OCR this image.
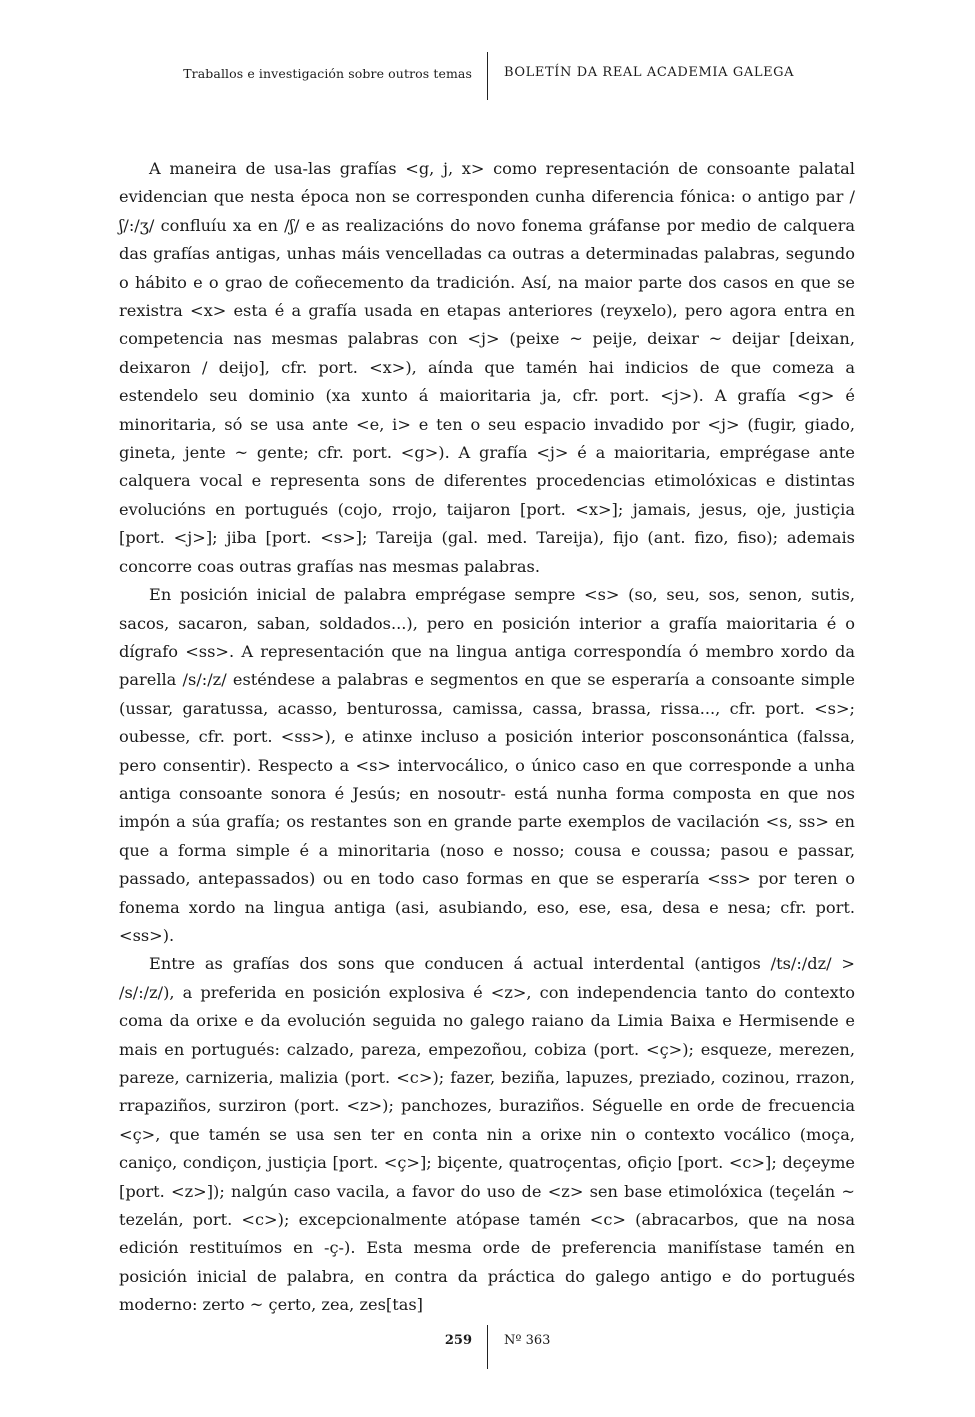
Traballos e investigación sobre outros temas BOLETÍN DA REAL ACADEMIA GALEGA

A maneira de usa-las grafías <g, j, x> como representación de consoante palatal evidencian que nesta época non se corresponden cunha diferencia fónica: o antigo par /ʃ/:/ʒ/ confluíu xa en /ʃ/ e as realizacións do novo fonema gráfanse por medio de calquera das grafías antigas, unhas máis vencelladas ca outras a determinadas palabras, segundo o hábito e o grao de coñecemento da tradición. Así, na maior parte dos casos en que se rexistra <x> esta é a grafía usada en etapas anteriores (reyxelo), pero agora entra en competencia nas mesmas palabras con <j> (peixe ~ peije, deixar ~ deijar [deixan, deixaron / deijo], cfr. port. <x>), aínda que tamén hai indicios de que comeza a estendelo seu dominio (xa xunto á maioritaria ja, cfr. port. <j>). A grafía <g> é minoritaria, só se usa ante <e, i> e ten o seu espacio invadido por <j> (fugir, giado, gineta, jente ~ gente; cfr. port. <g>). A grafía <j> é a maioritaria, emprégase ante calquera vocal e representa sons de diferentes procedencias etimolóxicas e distintas evolucións en portugués (cojo, rrojo, taijaron [port. <x>]; jamais, jesus, oje, justiçia [port. <j>]; jiba [port. <s>]; Tareija (gal. med. Tareija), fijo (ant. fizo, fiso); ademais concorre coas outras grafías nas mesmas palabras.

En posición inicial de palabra emprégase sempre <s> (so, seu, sos, senon, sutis, sacos, sacaron, saban, soldados...), pero en posición interior a grafía maioritaria é o dígrafo <ss>. A representación que na lingua antiga correspondía ó membro xordo da parella /s/:/z/ esténdese a palabras e segmentos en que se esperaría a consoante simple (ussar, garatussa, acasso, benturossa, camissa, cassa, brassa, rissa..., cfr. port. <s>; oubesse, cfr. port. <ss>), e atinxe incluso a posición interior posconsonántica (falssa, pero consentir). Respecto a <s> intervocálico, o único caso en que corresponde a unha antiga consoante sonora é Jesús; en nosoutr- está nunha forma composta en que nos impón a súa grafía; os restantes son en grande parte exemplos de vacilación <s, ss> en que a forma simple é a minoritaria (noso e nosso; cousa e coussa; pasou e passar, passado, antepassados) ou en todo caso formas en que se esperaría <ss> por teren o fonema xordo na lingua antiga (asi, asubiando, eso, ese, esa, desa e nesa; cfr. port. <ss>).

Entre as grafías dos sons que conducen á actual interdental (antigos /ts/:/dz/ > /s/:/z/), a preferida en posición explosiva é <z>, con independencia tanto do contexto coma da orixe e da evolución seguida no galego raiano da Limia Baixa e Hermisende e mais en portugués: calzado, pareza, empezoñou, cobiza (port. <ç>); esqueze, merezen, pareze, carnizeria, malizia (port. <c>); fazer, beziña, lapuzes, preziado, cozinou, rrazon, rrapaziños, surziron (port. <z>); panchozes, buraziños. Séguelle en orde de frecuencia <ç>, que tamén se usa sen ter en conta nin a orixe nin o contexto vocálico (moça, caniço, condiçon, justiçia [port. <ç>]; biçente, quatroçentas, ofiçio [port. <c>]; deçeyme [port. <z>]); nalgún caso vacila, a favor do uso de <z> sen base etimolóxica (teçelán ~ tezelán, port. <c>); excepcionalmente atópase tamén <c> (abracarbos, que na nosa edición restituímos en -ç-). Esta mesma orde de preferencia manifístase tamén en posición inicial de palabra, en contra da práctica do galego antigo e do portugués moderno: zerto ~ çerto, zea, zes[tas]

259 Nº 363
